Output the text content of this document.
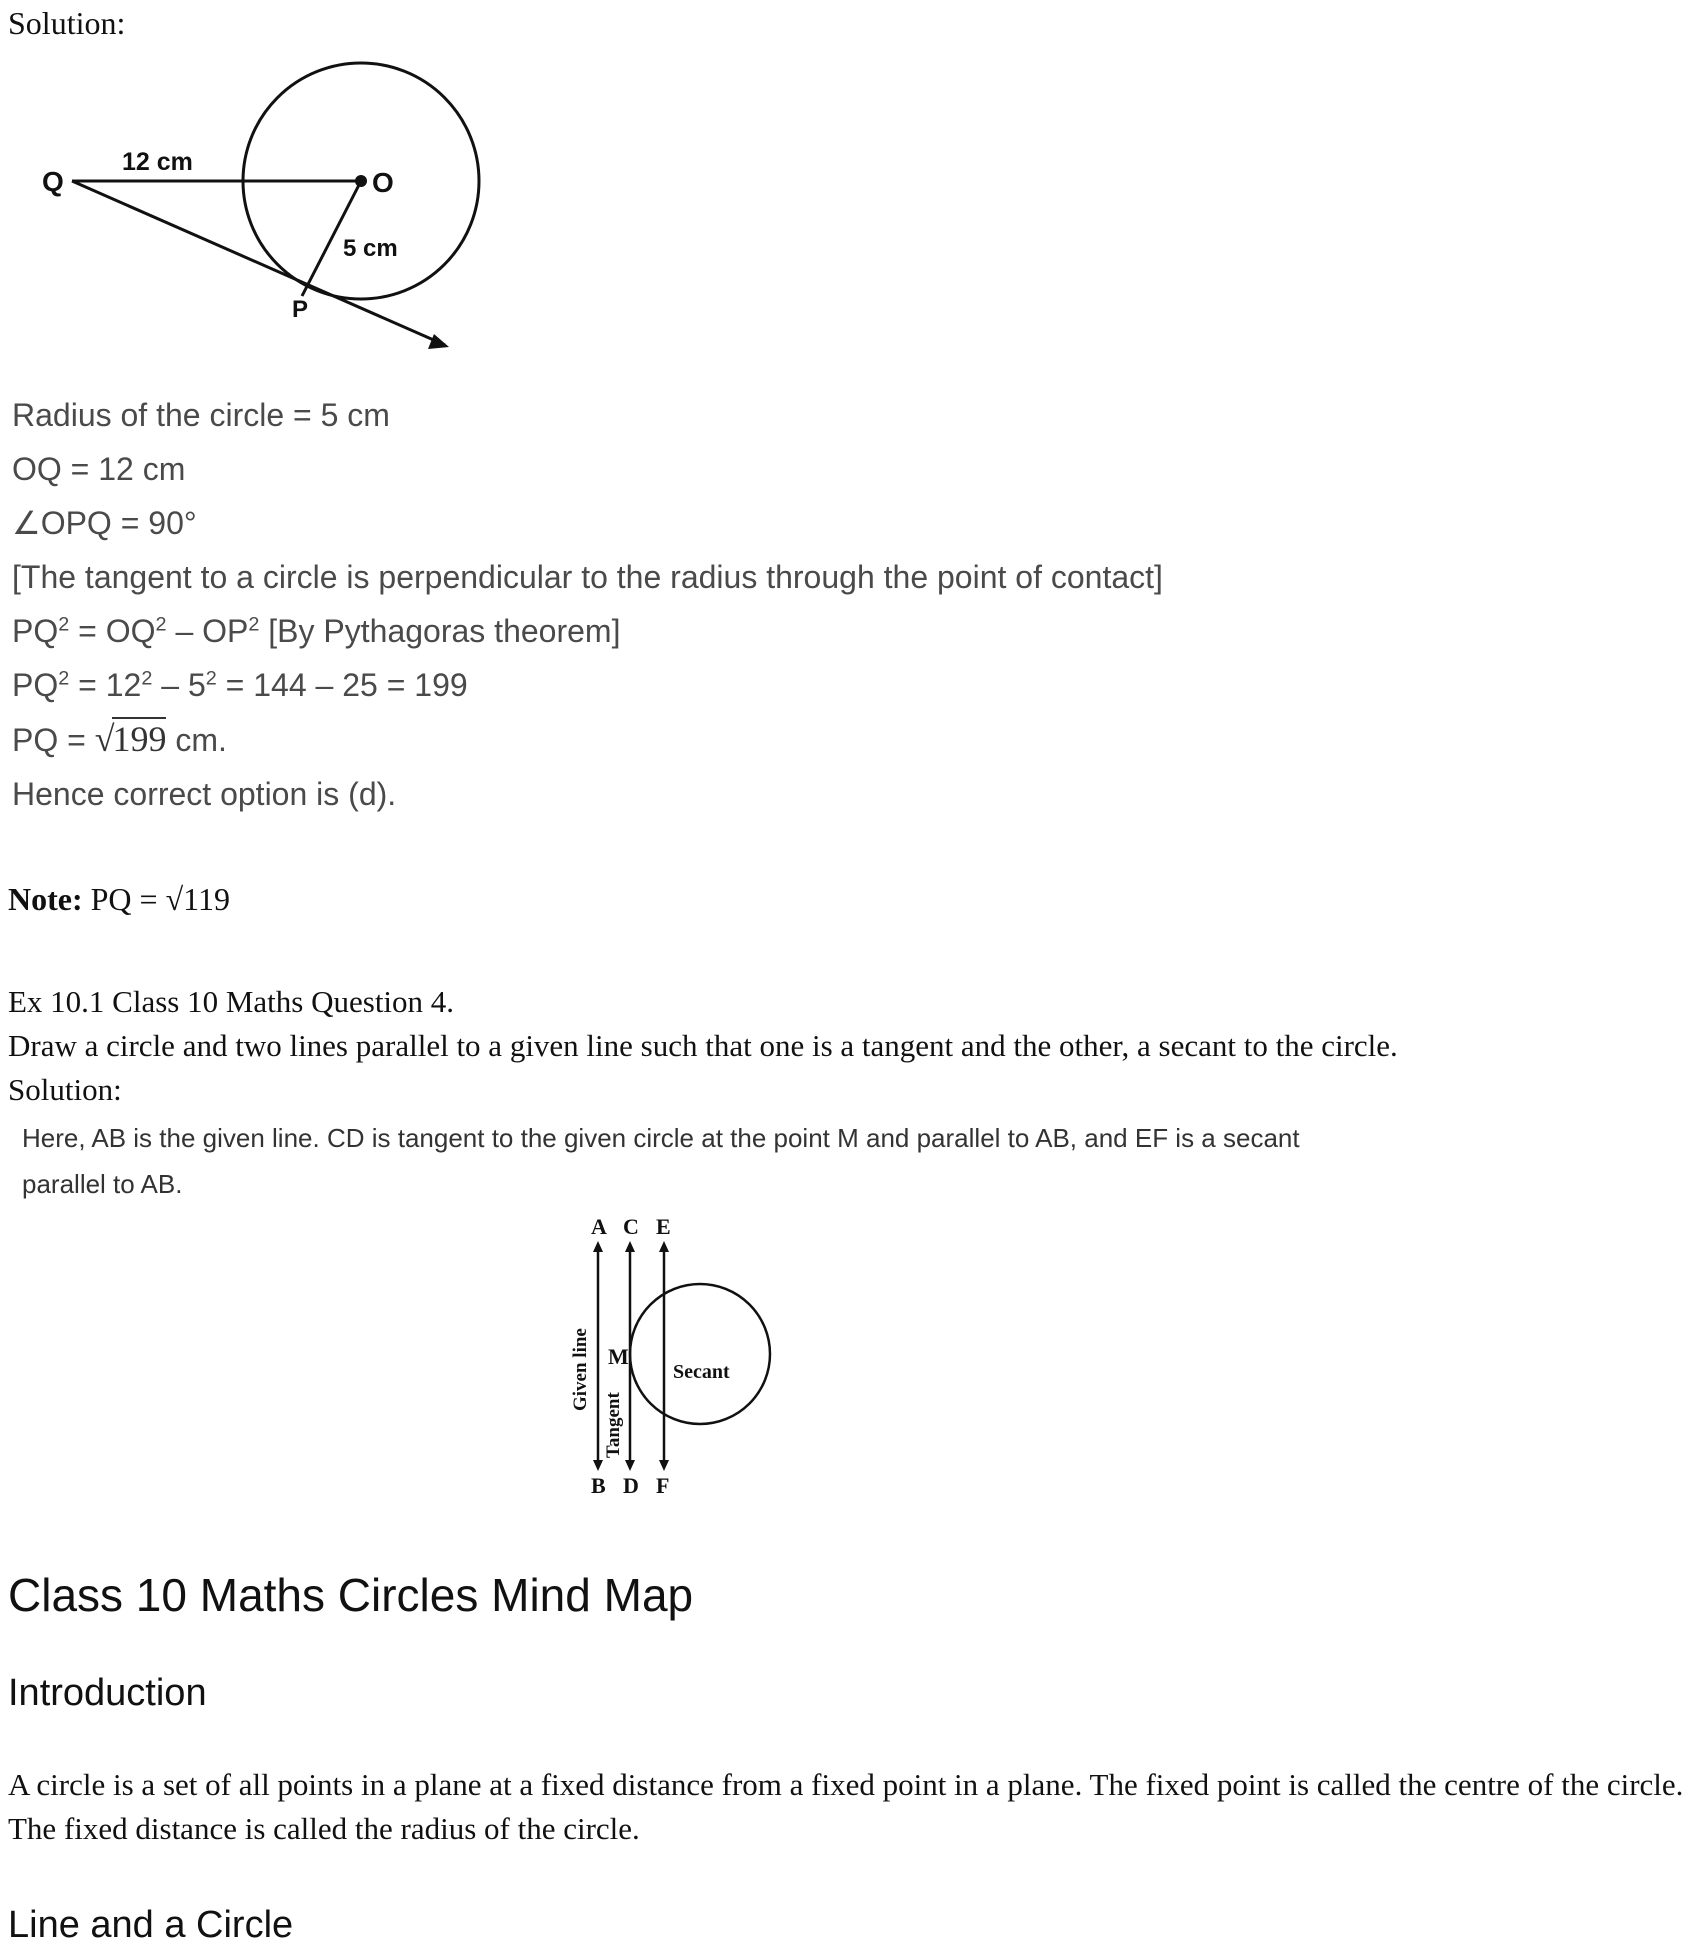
Solution:
Q	O
P
12 cm
5 cm
Radius of the circle = 5 cm
OQ = 12 cm
∠OPQ = 90°
[The tangent to a circle is perpendicular to the radius through the point of contact]
$PQ^2 = OQ^2 - OP^2$ [By Pythagoras theorem]
$PQ^2 = 12^2 - 5^2 = 144 - 25 = 199$
PQ = √199 cm.
Hence correct option is (d).
Note: PQ = √119
Ex 10.1 Class 10 Maths Question 4.
Draw a circle and two lines parallel to a given line such that one is a tangent and the other, a secant to the circle.
Solution:
Here, AB is the given line. CD is tangent to the given circle at the point M and parallel to AB, and EF is a secant parallel to AB.
A C E
Given line
Tangent
M
Secant
B D F
Class 10 Maths Circles Mind Map
Introduction
A circle is a set of all points in a plane at a fixed distance from a fixed point in a plane. The fixed point is called the centre of the circle. The fixed distance is called the radius of the circle.
Line and a Circle
